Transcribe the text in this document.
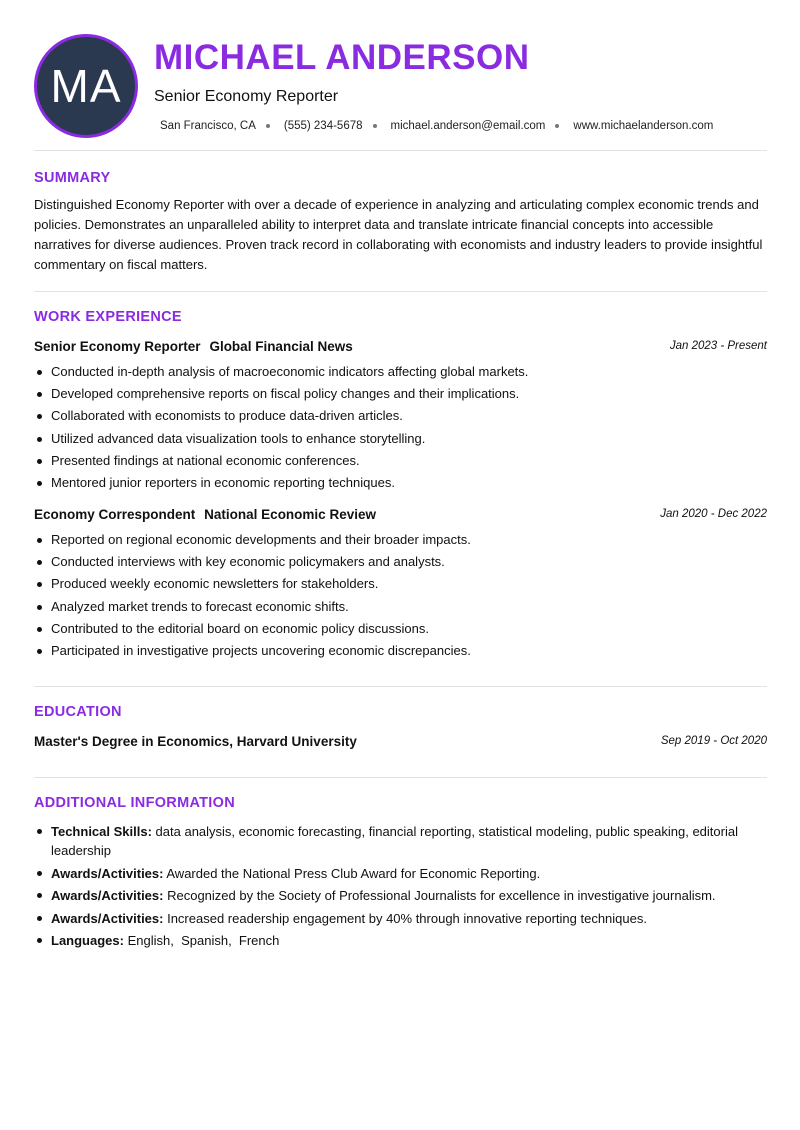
MA
MICHAEL ANDERSON
Senior Economy Reporter
San Francisco, CA (555) 234-5678 michael.anderson@email.com www.michaelanderson.com
SUMMARY
Distinguished Economy Reporter with over a decade of experience in analyzing and articulating complex economic trends and policies. Demonstrates an unparalleled ability to interpret data and translate intricate financial concepts into accessible narratives for diverse audiences. Proven track record in collaborating with economists and industry leaders to provide insightful commentary on fiscal matters.
WORK EXPERIENCE
Senior Economy Reporter Global Financial News	Jan 2023 - Present
Conducted in-depth analysis of macroeconomic indicators affecting global markets.
Developed comprehensive reports on fiscal policy changes and their implications.
Collaborated with economists to produce data-driven articles.
Utilized advanced data visualization tools to enhance storytelling.
Presented findings at national economic conferences.
Mentored junior reporters in economic reporting techniques.
Economy Correspondent National Economic Review	Jan 2020 - Dec 2022
Reported on regional economic developments and their broader impacts.
Conducted interviews with key economic policymakers and analysts.
Produced weekly economic newsletters for stakeholders.
Analyzed market trends to forecast economic shifts.
Contributed to the editorial board on economic policy discussions.
Participated in investigative projects uncovering economic discrepancies.
EDUCATION
Master's Degree in Economics, Harvard University	Sep 2019 - Oct 2020
ADDITIONAL INFORMATION
Technical Skills: data analysis, economic forecasting, financial reporting, statistical modeling, public speaking, editorial leadership
Awards/Activities: Awarded the National Press Club Award for Economic Reporting.
Awards/Activities: Recognized by the Society of Professional Journalists for excellence in investigative journalism.
Awards/Activities: Increased readership engagement by 40% through innovative reporting techniques.
Languages: English,  Spanish,  French
